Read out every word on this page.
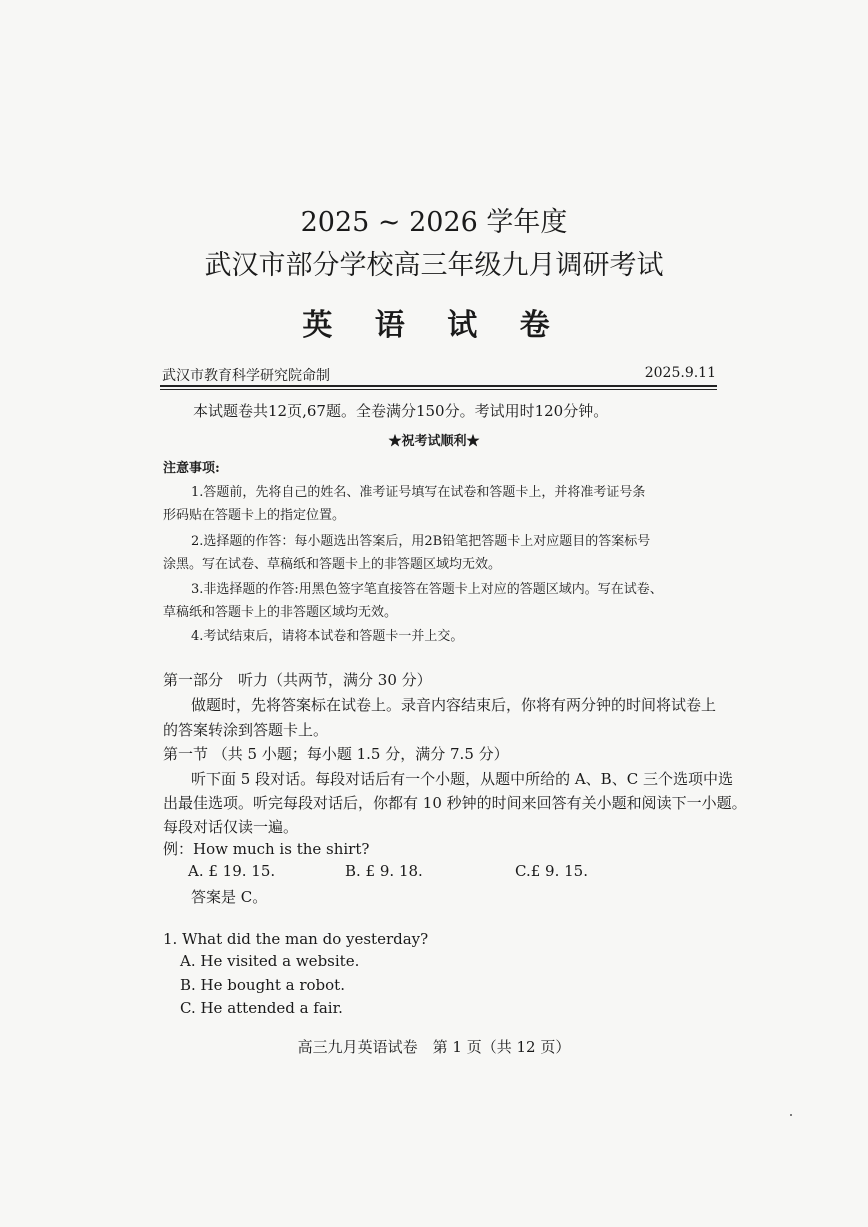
2025 ~ 2026 学年度
武汉市部分学校高三年级九月调研考试
英 语 试 卷
武汉市教育科学研究院命制	2025.9.11
本试题卷共12页,67题。全卷满分150分。考试用时120分钟。
★祝考试顺利★
注意事项:
1.答题前，先将自己的姓名、准考证号填写在试卷和答题卡上，并将准考证号条
形码贴在答题卡上的指定位置。
2.选择题的作答：每小题选出答案后，用2B铅笔把答题卡上对应题目的答案标号
涂黑。写在试卷、草稿纸和答题卡上的非答题区域均无效。
3.非选择题的作答:用黑色签字笔直接答在答题卡上对应的答题区域内。写在试卷、
草稿纸和答题卡上的非答题区域均无效。
4.考试结束后，请将本试卷和答题卡一并上交。
第一部分　听力（共两节，满分 30 分）
做题时，先将答案标在试卷上。录音内容结束后，你将有两分钟的时间将试卷上
的答案转涂到答题卡上。
第一节 （共 5 小题；每小题 1.5 分，满分 7.5 分）
听下面 5 段对话。每段对话后有一个小题，从题中所给的 A、B、C 三个选项中选
出最佳选项。听完每段对话后，你都有 10 秒钟的时间来回答有关小题和阅读下一小题。
每段对话仅读一遍。
例：How much is the shirt?
A. £ 19. 15.	B. £ 9. 18.	C.£ 9. 15.
答案是 C。
1. What did the man do yesterday?
A. He visited a website.
B. He bought a robot.
C. He attended a fair.
高三九月英语试卷　第 1 页（共 12 页）
